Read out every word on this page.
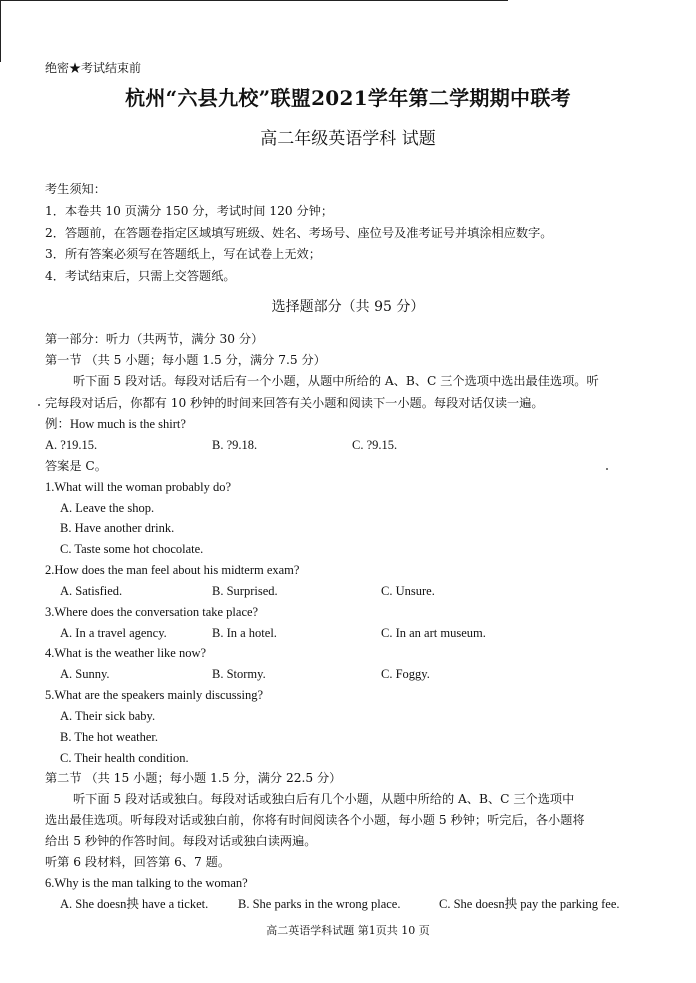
绝密★考试结束前
杭州“六县九校”联盟2021学年第二学期期中联考
高二年级英语学科 试题
考生须知：
1．本卷共 10 页满分 150 分，考试时间 120 分钟；
2．答题前，在答题卷指定区域填写班级、姓名、考场号、座位号及准考证号并填涂相应数字。
3．所有答案必须写在答题纸上，写在试卷上无效；
4．考试结束后，只需上交答题纸。
选择题部分（共 95 分）
第一部分：听力（共两节，满分 30 分）
第一节 （共 5 小题；每小题 1.5 分，满分 7.5 分）
听下面 5 段对话。每段对话后有一个小题，从题中所给的 A、B、C 三个选项中选出最佳选项。听
完每段对话后，你都有 10 秒钟的时间来回答有关小题和阅读下一小题。每段对话仅读一遍。
例：How much is the shirt?
A. ?19.15.	B. ?9.18.	C. ?9.15.
答案是 C。
1.What will the woman probably do?
A. Leave the shop.
B. Have another drink.
C. Taste some hot chocolate.
2.How does the man feel about his midterm exam?
A. Satisfied.	B. Surprised.	C. Unsure.
3.Where does the conversation take place?
A. In a travel agency.	B. In a hotel.	C. In an art museum.
4.What is the weather like now?
A. Sunny.	B. Stormy.	C. Foggy.
5.What are the speakers mainly discussing?
A. Their sick baby.
B. The hot weather.
C. Their health condition.
第二节 （共 15 小题；每小题 1.5 分，满分 22.5 分）
听下面 5 段对话或独白。每段对话或独白后有几个小题，从题中所给的 A、B、C 三个选项中
选出最佳选项。听每段对话或独白前，你将有时间阅读各个小题，每小题 5 秒钟；听完后，各小题将
给出 5 秒钟的作答时间。每段对话或独白读两遍。
听第 6 段材料，回答第 6、7 题。
6.Why is the man talking to the woman?
A. She doesn抰 have a ticket. B. She parks in the wrong place.	C. She doesn抰 pay the parking fee.
高二英语学科试题 第1页共 10 页
